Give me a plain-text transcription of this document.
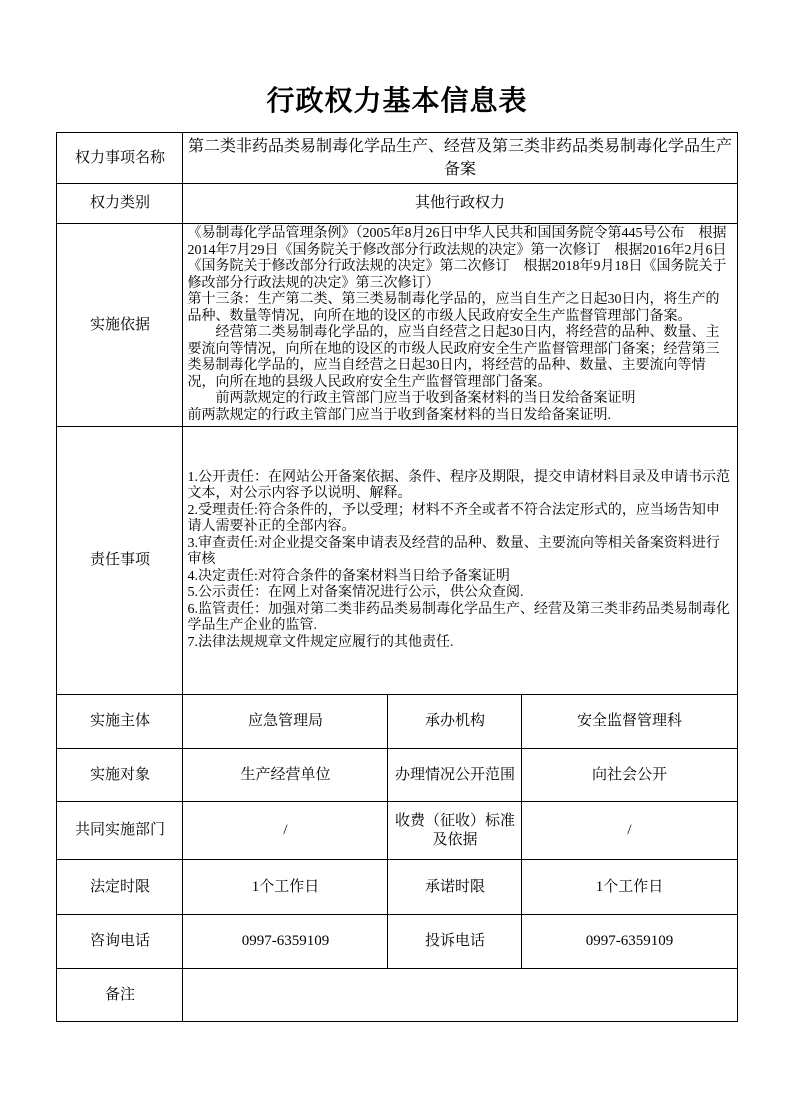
行政权力基本信息表
权力事项名称	第二类非药品类易制毒化学品生产、经营及第三类非药品类易制毒化学品生产备案		
权力类别	其他行政权力		
实施依据	《易制毒化学品管理条例》（2005年8月26日中华人民共和国国务院令第445号公布　根据2014年7月29日《国务院关于修改部分行政法规的决定》第一次修订　根据2016年2月6日《国务院关于修改部分行政法规的决定》第二次修订　根据2018年9月18日《国务院关于修改部分行政法规的决定》第三次修订）
第十三条：生产第二类、第三类易制毒化学品的，应当自生产之日起30日内，将生产的品种、数量等情况，向所在地的设区的市级人民政府安全生产监督管理部门备案。
　　经营第二类易制毒化学品的，应当自经营之日起30日内，将经营的品种、数量、主要流向等情况，向所在地的设区的市级人民政府安全生产监督管理部门备案；经营第三类易制毒化学品的，应当自经营之日起30日内，将经营的品种、数量、主要流向等情况，向所在地的县级人民政府安全生产监督管理部门备案。
　　前两款规定的行政主管部门应当于收到备案材料的当日发给备案证明
前两款规定的行政主管部门应当于收到备案材料的当日发给备案证明.		

责任事项	
1.公开责任：在网站公开备案依据、条件、程序及期限，提交申请材料目录及申请书示范文本，对公示内容予以说明、解释。
2.受理责任:符合条件的，予以受理；材料不齐全或者不符合法定形式的，应当场告知申请人需要补正的全部内容。
3.审查责任:对企业提交备案申请表及经营的品种、数量、主要流向等相关备案资料进行审核
4.决定责任:对符合条件的备案材料当日给予备案证明
5.公示责任：在网上对备案情况进行公示，供公众查阅.
6.监管责任：加强对第二类非药品类易制毒化学品生产、经营及第三类非药品类易制毒化学品生产企业的监管.
7.法律法规规章文件规定应履行的其他责任.

实施主体	应急管理局	承办机构	安全监督管理科
实施对象	生产经营单位	办理情况公开范围	向社会公开
共同实施部门	/	收费（征收）标准及依据	/
法定时限	1个工作日	承诺时限	1个工作日
咨询电话	0997-6359109	投诉电话	0997-6359109
备注			
